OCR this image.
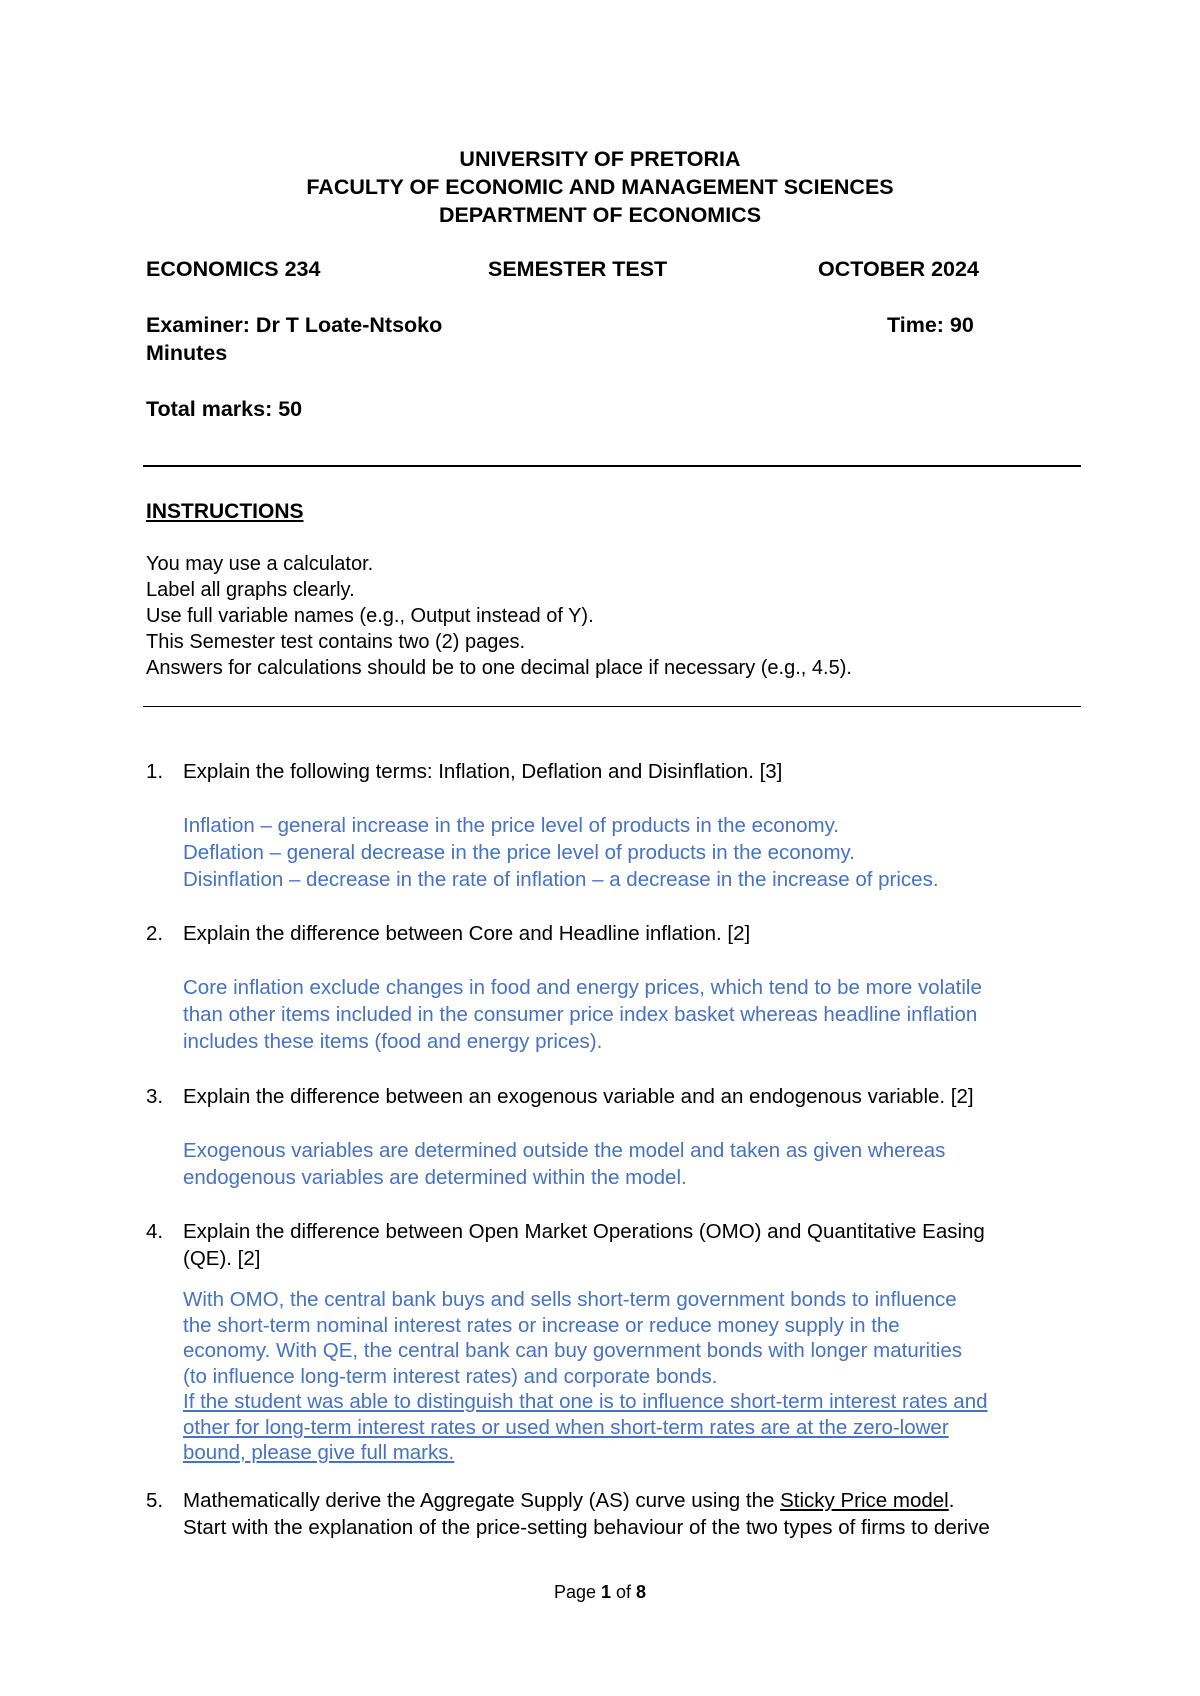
UNIVERSITY OF PRETORIA
FACULTY OF ECONOMIC AND MANAGEMENT SCIENCES
DEPARTMENT OF ECONOMICS
ECONOMICS 234	SEMESTER TEST	OCTOBER 2024
Examiner: Dr T Loate-Ntsoko	Time: 90
Minutes
Total marks: 50
INSTRUCTIONS
You may use a calculator.
Label all graphs clearly.
Use full variable names (e.g., Output instead of Y).
This Semester test contains two (2) pages.
Answers for calculations should be to one decimal place if necessary (e.g., 4.5).
1. Explain the following terms: Inflation, Deflation and Disinflation. [3]
Inflation – general increase in the price level of products in the economy.
Deflation – general decrease in the price level of products in the economy.
Disinflation – decrease in the rate of inflation – a decrease in the increase of prices.
2. Explain the difference between Core and Headline inflation. [2]
Core inflation exclude changes in food and energy prices, which tend to be more volatile
than other items included in the consumer price index basket whereas headline inflation
includes these items (food and energy prices).
3. Explain the difference between an exogenous variable and an endogenous variable. [2]
Exogenous variables are determined outside the model and taken as given whereas
endogenous variables are determined within the model.
4. Explain the difference between Open Market Operations (OMO) and Quantitative Easing
(QE). [2]
With OMO, the central bank buys and sells short-term government bonds to influence
the short-term nominal interest rates or increase or reduce money supply in the
economy. With QE, the central bank can buy government bonds with longer maturities
(to influence long-term interest rates) and corporate bonds.
If the student was able to distinguish that one is to influence short-term interest rates and
other for long-term interest rates or used when short-term rates are at the zero-lower
bound, please give full marks.
5. Mathematically derive the Aggregate Supply (AS) curve using the Sticky Price model.
Start with the explanation of the price-setting behaviour of the two types of firms to derive
Page 1 of 8
